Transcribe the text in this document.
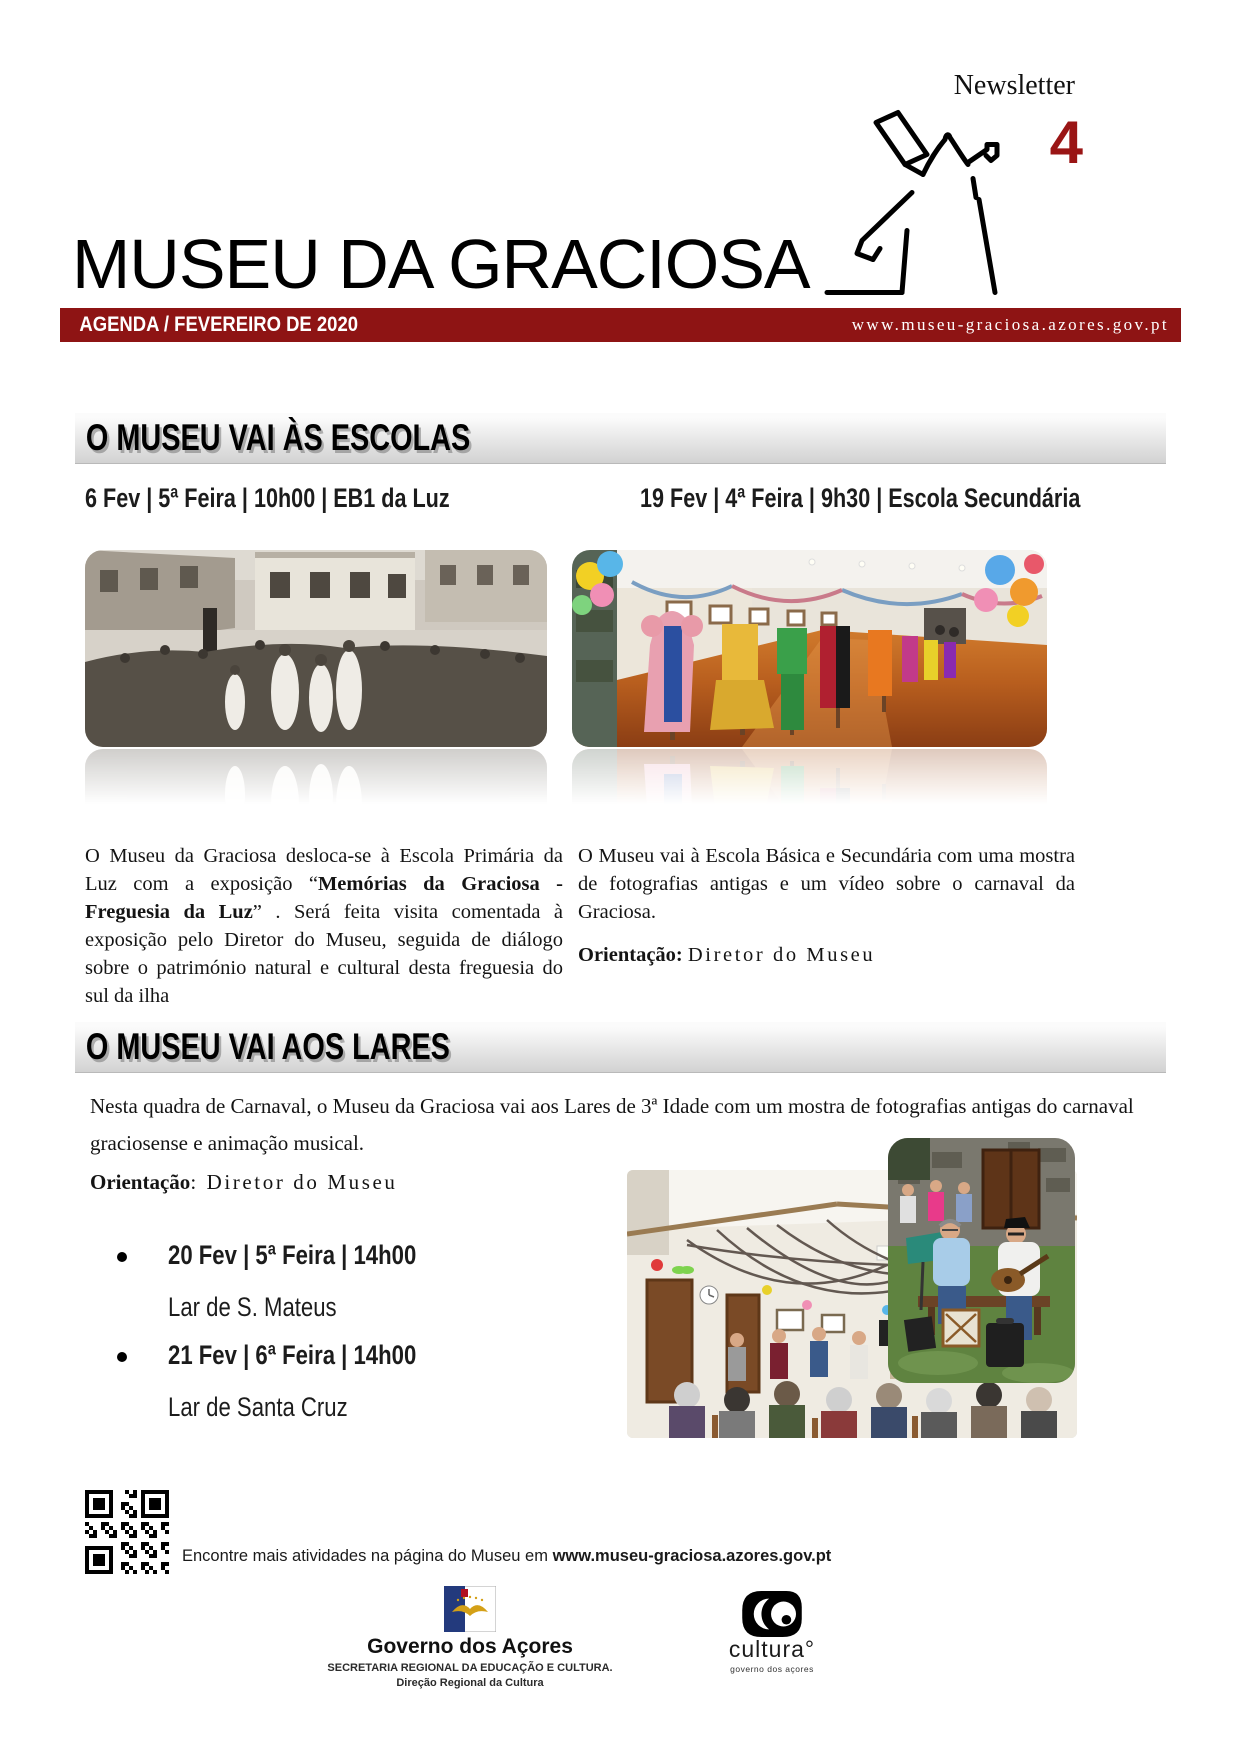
Newsletter
4
MUSEU DA GRACIOSA
AGENDA / FEVEREIRO DE 2020	www.museu-graciosa.azores.gov.pt
O MUSEU VAI ÀS ESCOLAS
6 Fev | 5ª Feira | 10h00 | EB1 da Luz	19 Fev | 4ª Feira | 9h30 | Escola Secundária
O Museu da Graciosa desloca-se à Escola Primária da Luz com a exposição “Memórias da Graciosa - Freguesia da Luz” . Será feita visita comentada à exposição pelo Diretor do Museu, seguida de diálogo sobre o património natural e cultural desta freguesia do sul da ilha
O Museu vai à Escola Básica e Secundária com uma mostra de fotografias antigas e um vídeo sobre o carnaval da Graciosa.
Orientação: Diretor do Museu
O MUSEU VAI AOS LARES
Nesta quadra de Carnaval, o Museu da Graciosa vai aos Lares de 3ª Idade com um mostra de fotografias antigas do carnaval graciosense e animação musical.
Orientação: Diretor do Museu
20 Fev | 5ª Feira | 14h00
Lar de S. Mateus
21 Fev | 6ª Feira | 14h00
Lar de Santa Cruz
Encontre mais atividades na página do Museu em www.museu-graciosa.azores.gov.pt
Governo dos Açores
SECRETARIA REGIONAL DA EDUCAÇÃO E CULTURA.
Direção Regional da Cultura
cultura°
governo dos açores
